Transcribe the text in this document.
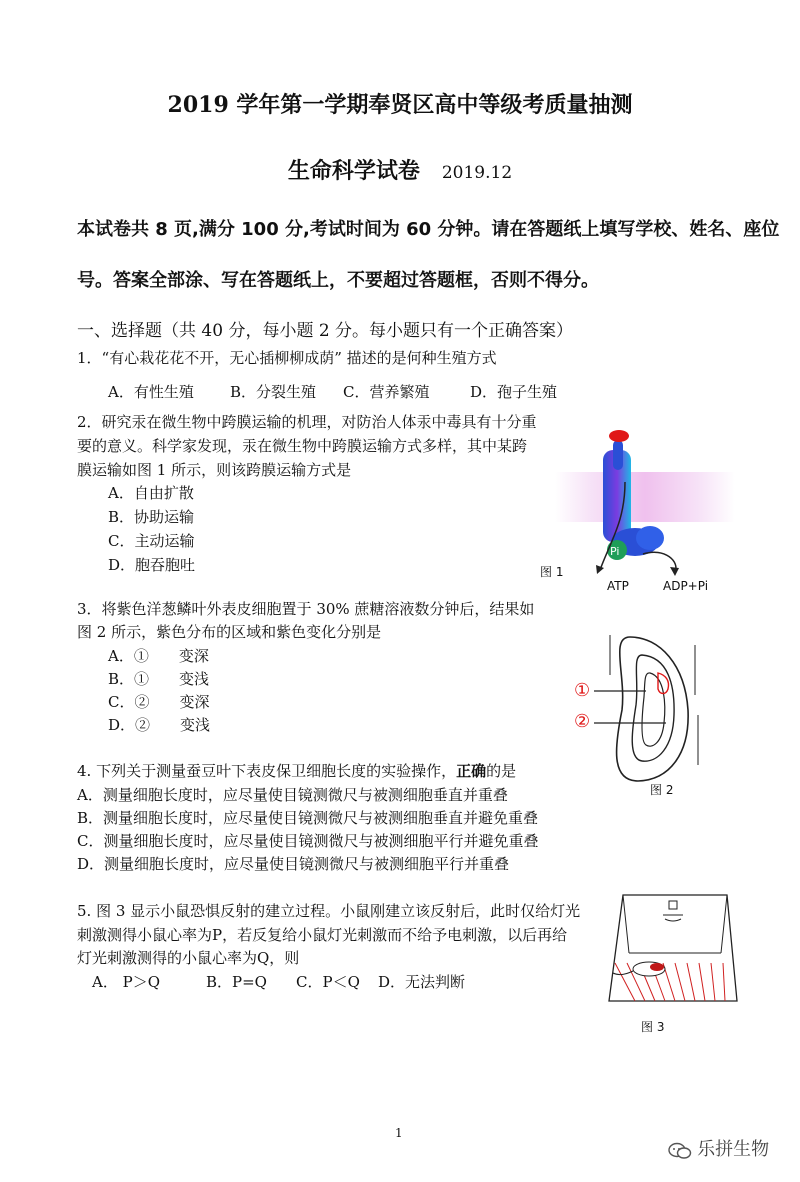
2019 学年第一学期奉贤区高中等级考质量抽测
生命科学试卷 2019.12
本试卷共 8 页,满分 100 分,考试时间为 60 分钟。请在答题纸上填写学校、姓名、座位
号。答案全部涂、写在答题纸上，不要超过答题框，否则不得分。
一、选择题（共 40 分，每小题 2 分。每小题只有一个正确答案）
1．“有心栽花花不开，无心插柳柳成荫” 描述的是何种生殖方式
A．有性生殖 B．分裂生殖 C．营养繁殖	D．孢子生殖
2．研究汞在微生物中跨膜运输的机理，对防治人体汞中毒具有十分重
要的意义。科学家发现，汞在微生物中跨膜运输方式多样，其中某跨
膜运输如图 1 所示，则该跨膜运输方式是
A．自由扩散
B．协助运输
C．主动运输
D．胞吞胞吐
Pi
ATP	ADP+Pi
图 1
3．将紫色洋葱鳞叶外表皮细胞置于 30% 蔗糖溶液数分钟后，结果如
图 2 所示，紫色分布的区域和紫色变化分别是
A．① 变深
B．① 变浅
C．② 变深
D．② 变浅
①
②
图 2
4. 下列关于测量蚕豆叶下表皮保卫细胞长度的实验操作，正确的是
A．测量细胞长度时，应尽量使目镜测微尺与被测细胞垂直并重叠
B．测量细胞长度时，应尽量使目镜测微尺与被测细胞垂直并避免重叠
C．测量细胞长度时，应尽量使目镜测微尺与被测细胞平行并避免重叠
D．测量细胞长度时，应尽量使目镜测微尺与被测细胞平行并重叠
5. 图 3 显示小鼠恐惧反射的建立过程。小鼠刚建立该反射后，此时仅给灯光
刺激测得小鼠心率为P，若反复给小鼠灯光刺激而不给予电刺激，以后再给
灯光刺激测得的小鼠心率为Q，则
A． P＞Q	B．P=Q C．P＜Q D．无法判断
图 3
1
乐拼生物
